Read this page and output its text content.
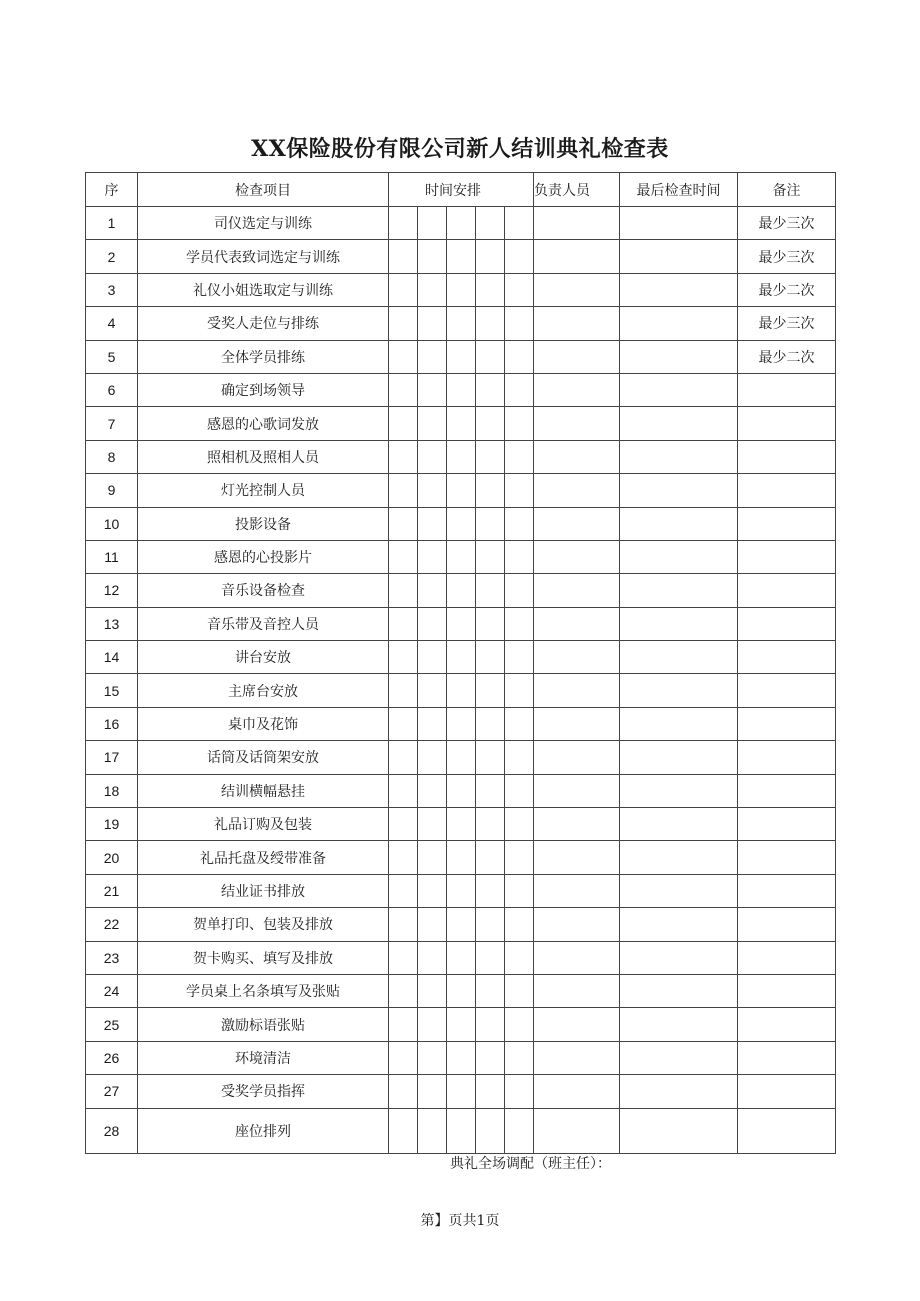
XX保险股份有限公司新人结训典礼检查表
序	检查项目	时间安排					负责人员	最后检查时间	备注
1	司仪选定与训练								最少三次
2	学员代表致词选定与训练								最少三次
3	礼仪小姐选取定与训练								最少二次
4	受奖人走位与排练								最少三次
5	全体学员排练								最少二次
6	确定到场领导								
7	感恩的心歌词发放								
8	照相机及照相人员								
9	灯光控制人员								
10	投影设备								
11	感恩的心投影片								
12	音乐设备检查								
13	音乐带及音控人员								
14	讲台安放								
15	主席台安放								
16	桌巾及花饰								
17	话筒及话筒架安放								
18	结训横幅悬挂								
19	礼品订购及包装								
20	礼品托盘及绶带准备								
21	结业证书排放								
22	贺单打印、包装及排放								
23	贺卡购买、填写及排放								
24	学员桌上名条填写及张贴								
25	激励标语张贴								
26	环境清洁								
27	受奖学员指挥								
28	座位排列								
典礼全场调配（班主任）：
第】页共1页
